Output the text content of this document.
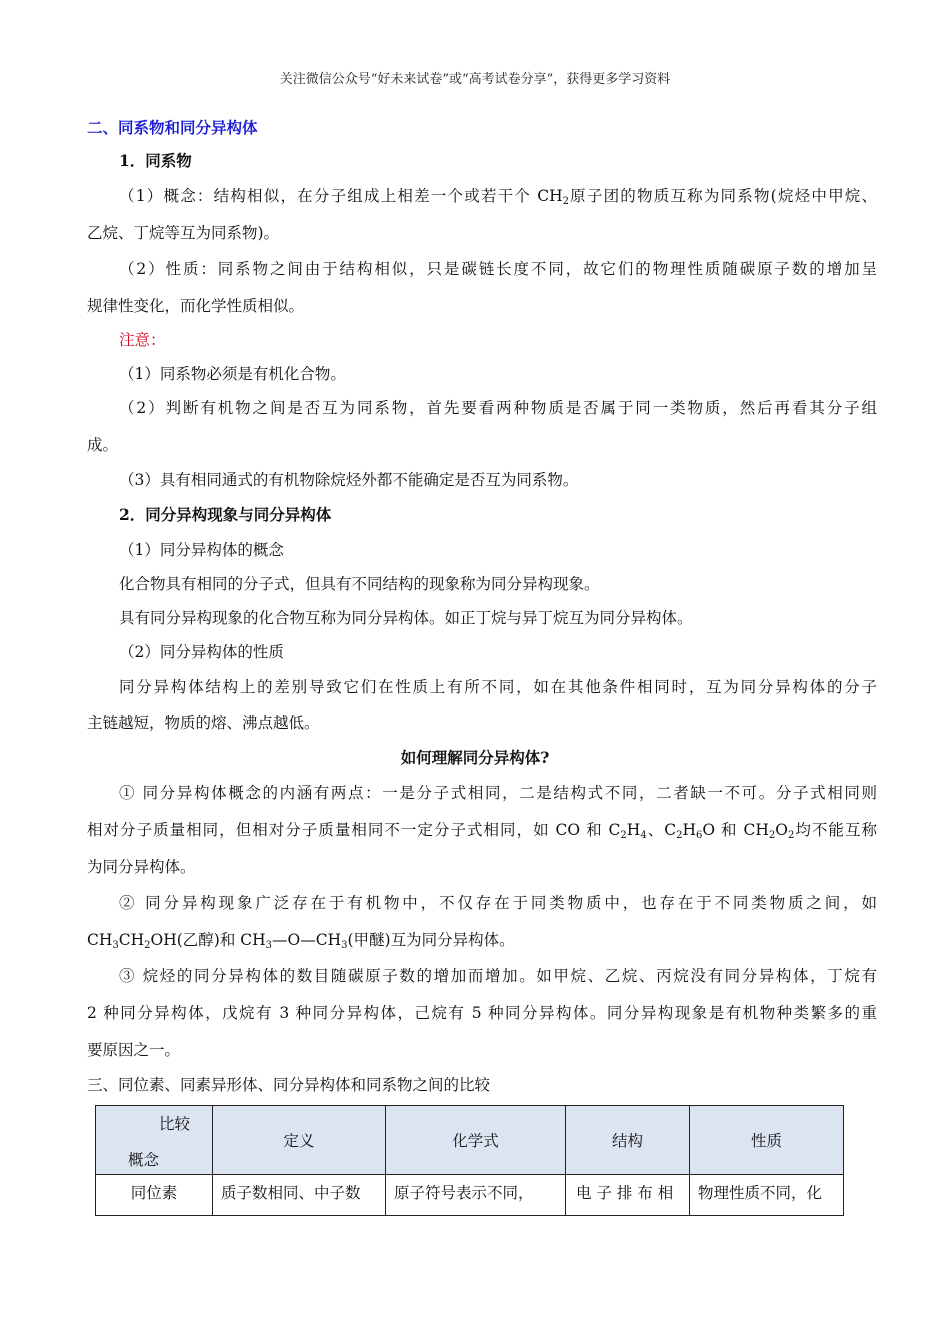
关注微信公众号“好未来试卷”或“高考试卷分享”，获得更多学习资料
二、同系物和同分异构体
1．同系物
（1）概念：结构相似，在分子组成上相差一个或若干个 $CH_2$原子团的物质互称为同系物(烷烃中甲烷、
乙烷、丁烷等互为同系物)。
（2）性质：同系物之间由于结构相似，只是碳链长度不同，故它们的物理性质随碳原子数的增加呈
规律性变化，而化学性质相似。
注意：
（1）同系物必须是有机化合物。
（2）判断有机物之间是否互为同系物，首先要看两种物质是否属于同一类物质，然后再看其分子组
成。
（3）具有相同通式的有机物除烷烃外都不能确定是否互为同系物。
2．同分异构现象与同分异构体
（1）同分异构体的概念
化合物具有相同的分子式，但具有不同结构的现象称为同分异构现象。
具有同分异构现象的化合物互称为同分异构体。如正丁烷与异丁烷互为同分异构体。
（2）同分异构体的性质
同分异构体结构上的差别导致它们在性质上有所不同，如在其他条件相同时，互为同分异构体的分子
主链越短，物质的熔、沸点越低。
如何理解同分异构体?
① 同分异构体概念的内涵有两点：一是分子式相同，二是结构式不同，二者缺一不可。分子式相同则
相对分子质量相同，但相对分子质量相同不一定分子式相同，如 CO 和 $C_2H_4$、$C_2H_6O$ 和 $CH_2O_2$均不能互称
为同分异构体。
② 同分异构现象广泛存在于有机物中，不仅存在于同类物质中，也存在于不同类物质之间，如
$CH_3CH_2OH$(乙醇)和 $CH_3—O—CH_3$(甲醚)互为同分异构体。
③ 烷烃的同分异构体的数目随碳原子数的增加而增加。如甲烷、乙烷、丙烷没有同分异构体，丁烷有
2 种同分异构体，戊烷有 3 种同分异构体，己烷有 5 种同分异构体。同分异构现象是有机物种类繁多的重
要原因之一。
三、同位素、同素异形体、同分异构体和同系物之间的比较
比较
概念	定义	化学式	结构	性质
同位素	质子数相同、中子数	原子符号表示不同，	电 子 排 布 相	物理性质不同，化
